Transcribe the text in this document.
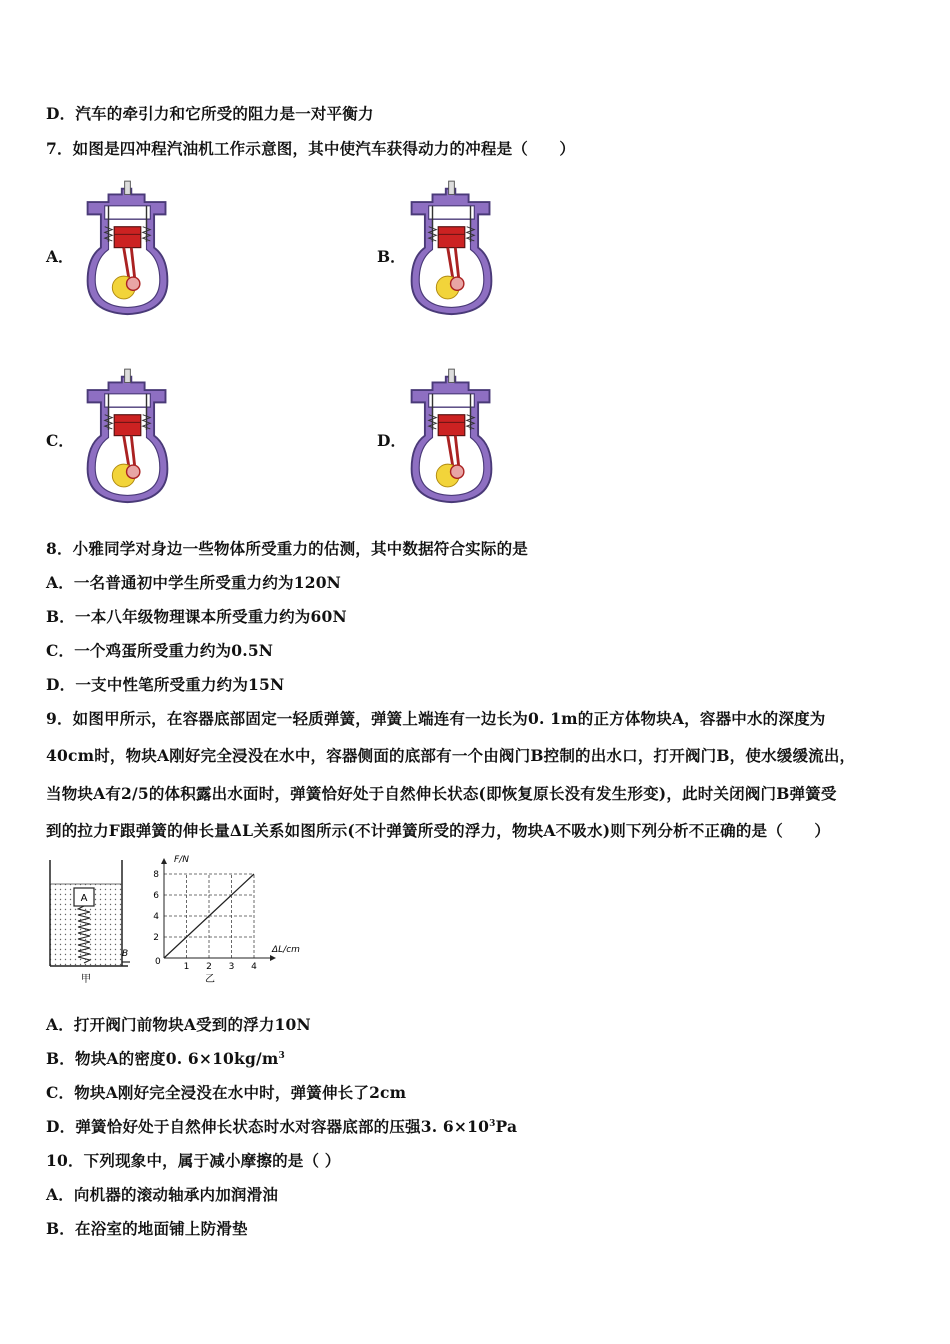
D．汽车的牵引力和它所受的阻力是一对平衡力
7．如图是四冲程汽油机工作示意图，其中使汽车获得动力的冲程是（　　）
A．	B．
C．	D．
8．小雅同学对身边一些物体所受重力的估测，其中数据符合实际的是
A．一名普通初中学生所受重力约为120N
B．一本八年级物理课本所受重力约为60N
C．一个鸡蛋所受重力约为0.5N
D．一支中性笔所受重力约为15N
9．如图甲所示，在容器底部固定一轻质弹簧，弹簧上端连有一边长为0. 1m的正方体物块A，容器中水的深度为
40cm时，物块A刚好完全浸没在水中，容器侧面的底部有一个由阀门B控制的出水口，打开阀门B，使水缓缓流出，
当物块A有2/5的体积露出水面时，弹簧恰好处于自然伸长状态(即恢复原长没有发生形变)，此时关闭阀门B弹簧受
到的拉力F跟弹簧的伸长量ΔL关系如图所示(不计弹簧所受的浮力，物块A不吸水)则下列分析不正确的是（　　）
A
B
甲
F/N
ΔL/cm
0
乙
1 2 3 4
2
4
6
8
A．打开阀门前物块A受到的浮力10N
B．物块A的密度0. $6\times 10kg/m^3$
C．物块A刚好完全浸没在水中时，弹簧伸长了2cm
D．弹簧恰好处于自然伸长状态时水对容器底部的压强3. $6\times 10^3Pa$
10．下列现象中，属于减小摩擦的是（ ）
A．向机器的滚动轴承内加润滑油
B．在浴室的地面铺上防滑垫
